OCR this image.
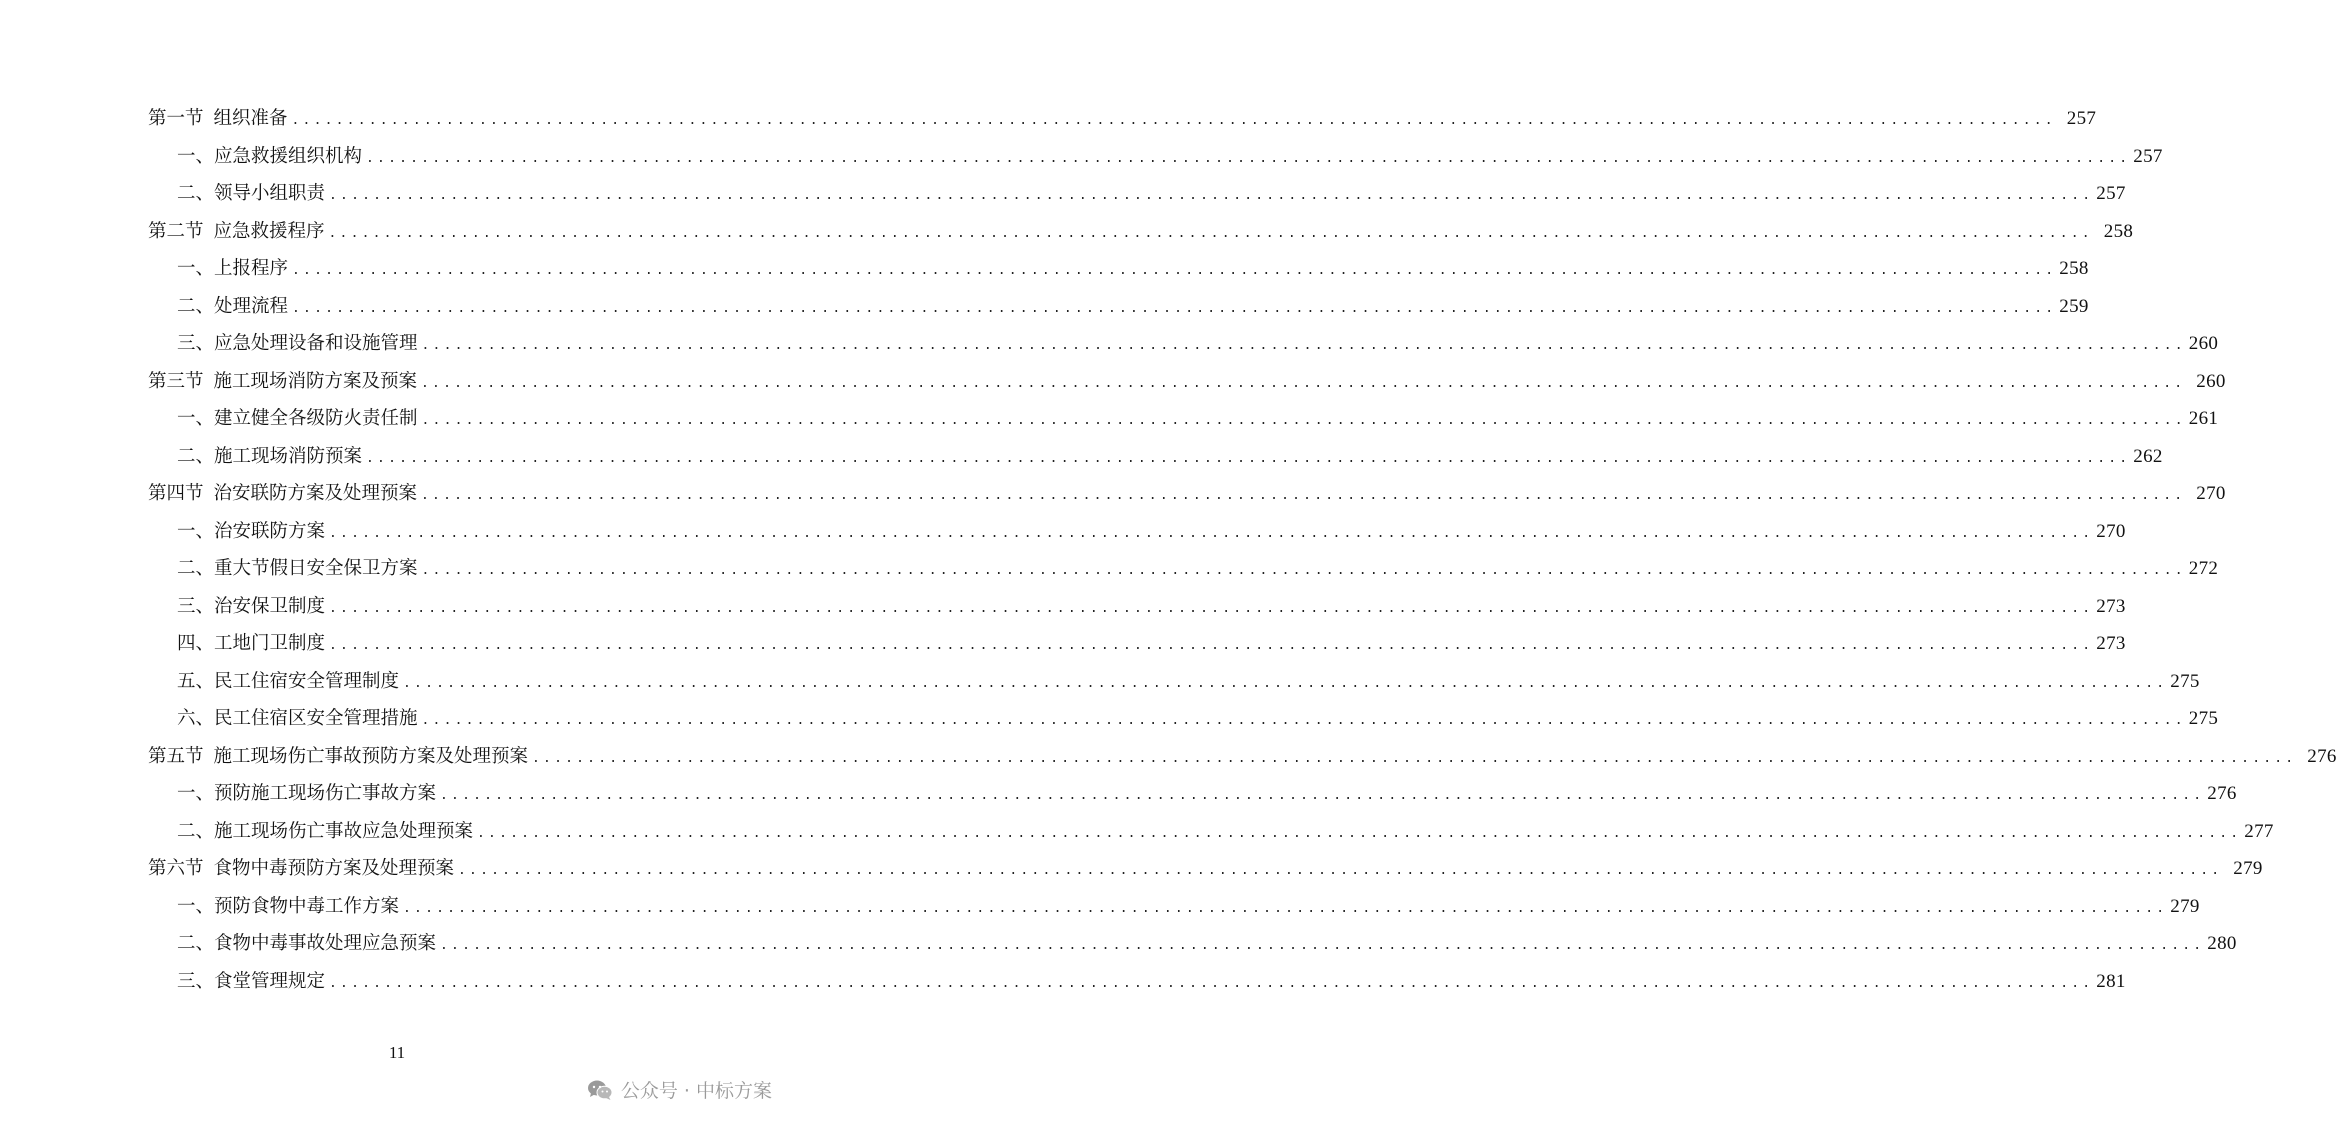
第一节 组织准备 ................................................................................................................................................................ 257
一、 应急救援组织机构 ................................................................................................................................................................ 257
二、 领导小组职责 ................................................................................................................................................................ 257
第二节 应急救援程序 ................................................................................................................................................................ 258
一、 上报程序 ................................................................................................................................................................ 258
二、 处理流程 ................................................................................................................................................................ 259
三、 应急处理设备和设施管理 ................................................................................................................................................................ 260
第三节 施工现场消防方案及预案 ................................................................................................................................................................ 260
一、 建立健全各级防火责任制 ................................................................................................................................................................ 261
二、 施工现场消防预案 ................................................................................................................................................................ 262
第四节 治安联防方案及处理预案 ................................................................................................................................................................ 270
一、 治安联防方案 ................................................................................................................................................................ 270
二、 重大节假日安全保卫方案 ................................................................................................................................................................ 272
三、 治安保卫制度 ................................................................................................................................................................ 273
四、 工地门卫制度 ................................................................................................................................................................ 273
五、 民工住宿安全管理制度 ................................................................................................................................................................ 275
六、 民工住宿区安全管理措施 ................................................................................................................................................................ 275
第五节 施工现场伤亡事故预防方案及处理预案 ................................................................................................................................................................ 276
一、 预防施工现场伤亡事故方案 ................................................................................................................................................................ 276
二、 施工现场伤亡事故应急处理预案 ................................................................................................................................................................ 277
第六节 食物中毒预防方案及处理预案 ................................................................................................................................................................ 279
一、 预防食物中毒工作方案 ................................................................................................................................................................ 279
二、 食物中毒事故处理应急预案 ................................................................................................................................................................ 280
三、 食堂管理规定 ................................................................................................................................................................ 281
11
公众号 · 中标方案
